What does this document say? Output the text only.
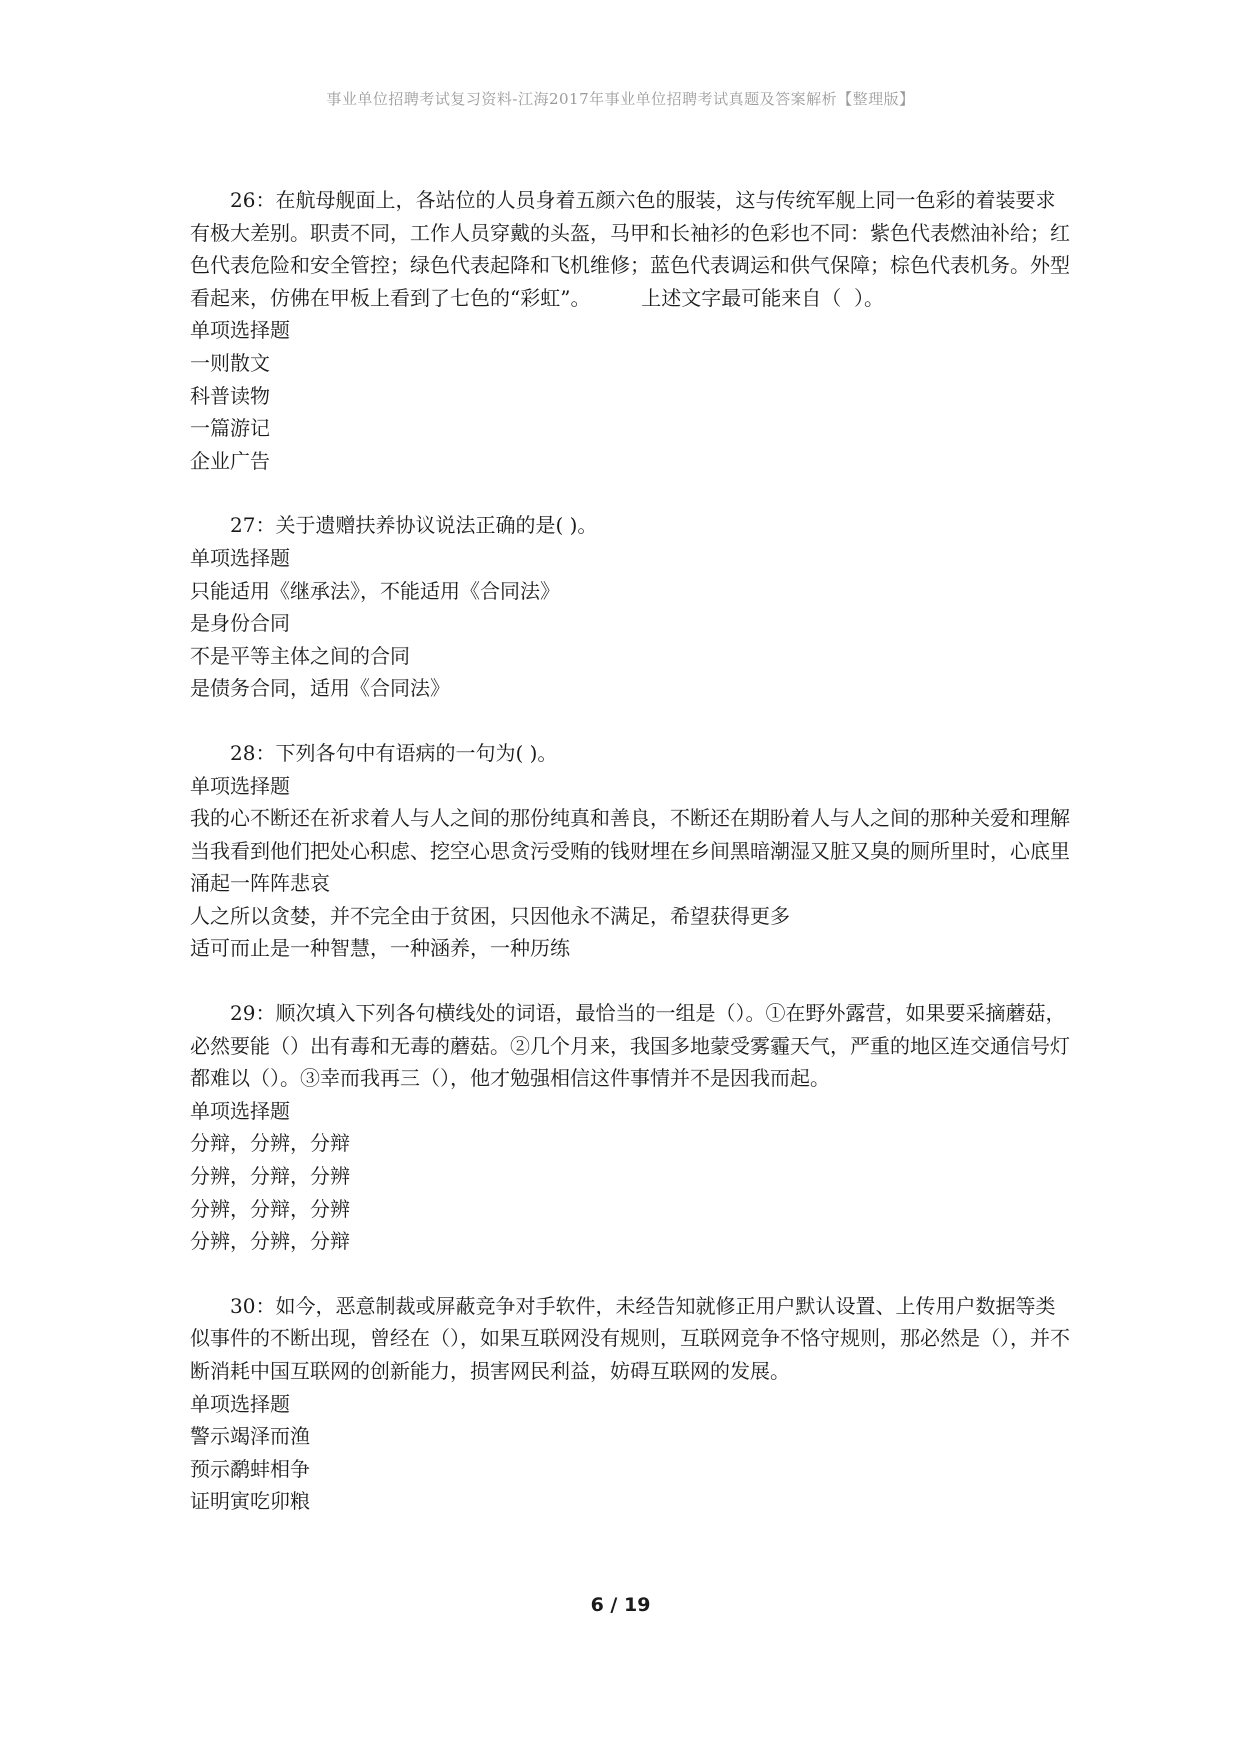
事业单位招聘考试复习资料-江海2017年事业单位招聘考试真题及答案解析【整理版】

26：在航母舰面上，各站位的人员身着五颜六色的服装，这与传统军舰上同一色彩的着装要求有极大差别。职责不同，工作人员穿戴的头盔，马甲和长袖衫的色彩也不同：紫色代表燃油补给；红色代表危险和安全管控；绿色代表起降和飞机维修；蓝色代表调运和供气保障；棕色代表机务。外型看起来，仿佛在甲板上看到了七色的“彩虹”。        上述文字最可能来自（  ）。

单项选择题

一则散文

科普读物

一篇游记

企业广告

27：关于遗赠扶养协议说法正确的是( )。

单项选择题

只能适用《继承法》，不能适用《合同法》

是身份合同

不是平等主体之间的合同

是债务合同，适用《合同法》

28：下列各句中有语病的一句为( )。

单项选择题

我的心不断还在祈求着人与人之间的那份纯真和善良，不断还在期盼着人与人之间的那种关爱和理解

当我看到他们把处心积虑、挖空心思贪污受贿的钱财埋在乡间黑暗潮湿又脏又臭的厕所里时，心底里涌起一阵阵悲哀

人之所以贪婪，并不完全由于贫困，只因他永不满足，希望获得更多

适可而止是一种智慧，一种涵养，一种历练

29：顺次填入下列各句横线处的词语，最恰当的一组是（）。①在野外露营，如果要采摘蘑菇，必然要能（）出有毒和无毒的蘑菇。②几个月来，我国多地蒙受雾霾天气，严重的地区连交通信号灯都难以（）。③幸而我再三（），他才勉强相信这件事情并不是因我而起。

单项选择题

分辩，分辨，分辩

分辨，分辩，分辨

分辨，分辩，分辨

分辨，分辨，分辩

30：如今，恶意制裁或屏蔽竞争对手软件，未经告知就修正用户默认设置、上传用户数据等类似事件的不断出现，曾经在（），如果互联网没有规则，互联网竞争不恪守规则，那必然是（），并不断消耗中国互联网的创新能力，损害网民利益，妨碍互联网的发展。

单项选择题

警示竭泽而渔

预示鹬蚌相争

证明寅吃卯粮

6 / 19
